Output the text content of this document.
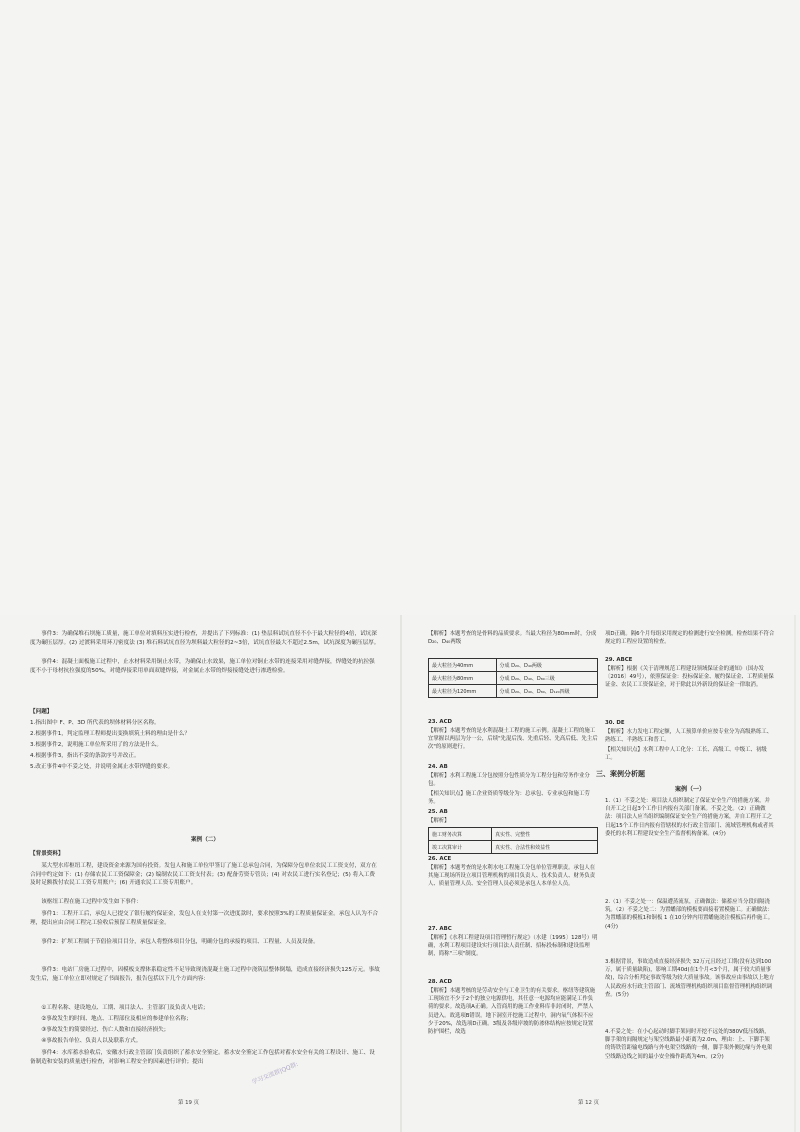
事件3：为确保堆石坝施工质量，施工单位对填料压实进行检查，并提出了下列标准：(1) 垫层料试坑直径不小于最大粒径的4倍，试坑深度为碾压层厚。(2) 过渡料采用环刀密度法 (3) 堆石料试坑直径为坝料最大粒径的2~3倍，试坑直径最大不超过2.5m，试坑深度为碾压层厚。
事件4：混凝土面板施工过程中，止水材料采用铜止水带，为确保止水效果，施工单位对铜止水带的连接采用对缝焊接，焊缝处的抗拉强度不小于母材抗拉强度的50%，对缝焊接采用单面双缝焊接，对金属止水带的焊接接缝处进行渗透检验。
【问题】
1.指出图中 F、P、3D 所代表的坝体材料分区名称。
2.根据事件1，判定监理工程师提出变换填筑土料的理由是什么？
3.根据事件2，说明施工单位所采用了的方法是什么。
4.根据事件3，指出不妥的条款序号并改正。
5.改正事件4中不妥之处，并说明金属止水带焊缝的要求。
案例（二）
【背景资料】
某大型水库枢纽工程，建设资金来源为国有投资。发包人和施工单位甲签订了施工总承包合同，为保障分包单位农民工工资支付，双方在合同中约定如下：(1) 存储农民工工资保障金；(2) 编制农民工工资支付表；(3) 配备劳资专管员；(4) 对农民工进行实名登记；(5) 将入工费及时足额拨付农民工工资专用账户；(6) 开通农民工工资专用账户。
该枢纽工程在施工过程中发生如下事件：
事件1：工程开工后，承包人已提交了银行履约保证金，发包人在支付第一次进度款时，要求按照3%的工程质量保证金。承包人认为不合理，提出应由合同工程完工验收后预留工程质量保证金。
事件2：扩坝工程属于节倡俭项目目分，承包人将整体项目分包，明确分包的承接的项目、工程量、人员及设备。
事件3：电站厂房施工过程中，因模板支撑体系稳定性不足导致现浇混凝土施工过程中浇筑层整体倒塌，造成直接经济损失125万元。事故发生后，施工单位立即对规定了书面报告，报告包括以下几个方面内容：
①工程名称、建设地点、工期、项目法人、主管部门及负责人电话；
②事故发生的时间、地点、工程部位及相应的参建单位名称；
③事故发生的简要经过、伤亡人数和直接经济损失；
④事故报告单位、负责人以及联系方式。
事件4：水库蓄水验收后，安徽水行政主管部门负责组织了蓄水安全鉴定。蓄水安全鉴定工作包括对蓄水安全有关的工程设计、施工、设备制造和安装的质量进行检查，对影响工程安全的因素进行评价；提出	学习交流群|QQ群:
第 19 页
【解析】本题考查的是骨料的品质要求。当最大粒径为80mm时，分成 D₂₀、D₄₀两级
最大粒径为40mm	分成 D₂₀、D₄₀两级
最大粒径为80mm	分成 D₂₀、D₄₀、D₈₀三级
最大粒径为120mm	分成 D₂₀、D₄₀、D₈₀、D₁₂₀四级
23. ACD
【解析】本题考查的是水利混凝土工程的施工示例。混凝土工程的施工宜掌握以两层为分一公，后续"先混后浅、先重后轻、先高后低、先主后次"的原则进行。
24. AB
【解析】水利工程施工分包按照分包性质分为工程分包和劳务作业分包。
【相关知识点】施工企业资质等级分为：总承包、专业承包和施工劳务。
25. AB
【解析】
施工财务决算	真实性、完整性
竣工决算审计	真实性、合法性和效益性
26. ACE
【解析】本题考查的是水利水电工程施工分包单位管理职责。承包人在其施工现场所设立项目管理机构的项目负责人、技术负责人、财务负责人、质量管理人员、安全管理人员必须是承包人本单位人员。
27. ABC
【解析】《水利工程建设项目管理暂行规定》（水建〔1995〕128号）明确，水利工程项目建设实行项目法人责任制、招标投标制和建设监理制，简称"三项"制度。
28. ACD
【解析】本题考核的是劳动安全与工业卫生的有关要求。枢纽等建筑施工现场宜不少于2个的独立电源供电，其任意一电源均应能满足工作负荷的要求。故选项A正确。入管商用的施工作业料库非封闭时，严禁人员进入。故选项B错误。地下洞室开挖施工过程中，洞内氧气体积不应少于20%，故选项D正确。3级及各级岸坡的防渗体结构应按规定设置防护围栏，故选
项D正确。隔6个月每组采用规定的检测进行安全检测，检查结果不符合规定的工程应设置的检查。
29. ABCE
【解析】根据《关于清理规范工程建设领域保证金的通知》（国办发〔2016〕49号），依照保证金：投标保证金、履约保证金、工程质量保证金、农民工工资保证金，对于除此以外新设的保证金一律取消。
30. DE
【解析】水力发电工程定额，人工预算单价应按专业分为高级熟练工、熟练工、半熟练工和普工。
【相关知识点】水利工程中人工化分：工长、高级工、中级工、初级工。
三、案例分析题
案例（一）
1.（1）不妥之处：项目法人组织制定了保证安全生产的措施方案，并自开工之日起3个工作日内报有关部门备案。不妥之处。（2）正确做法：项目法人应当组织编制保证安全生产的措施方案，并自工程开工之日起15个工作日内报有管辖权的水行政主管部门、流域管理机构或者其委托的水利工程建设安全生产监督机构备案。(4分)
2.（1）不妥之处一：保温遭蒸流泵，正确做法：储蓄应当分段间隔浇筑。（2）不妥之处二：为置蟠部的模板要面接着置模施工。正确做法：为置蟠部的模板1和铜板 1 在10分钟内用置蟠施浇注模板后再作施工。(4分)
3.根据背景，事故造成直接经济损失 32万元且经过工期(没有达到100万，属于质量缺陷)，影响工期40d(在1个月<3个月，属于较大质量事故)，综合分析判定事故等级为较大质量事故。该事故应由事故以上地方人民政府水行政主管部门、流域管理机构组织项目监督管理机构组织调查。(5分)
4.不妥之处：在小心起动时脚手架同时开挖不远处的380V低压线路，脚手架的间隔规定与架空线路最小距离为2.0m，理由：上、下脚手架的铸铁管距输电线路与外电架空线路的一侧，脚手架外侧边缘与外电架空线路边线之间的最小安全操作距离为4m。(2分)
第 12 页
